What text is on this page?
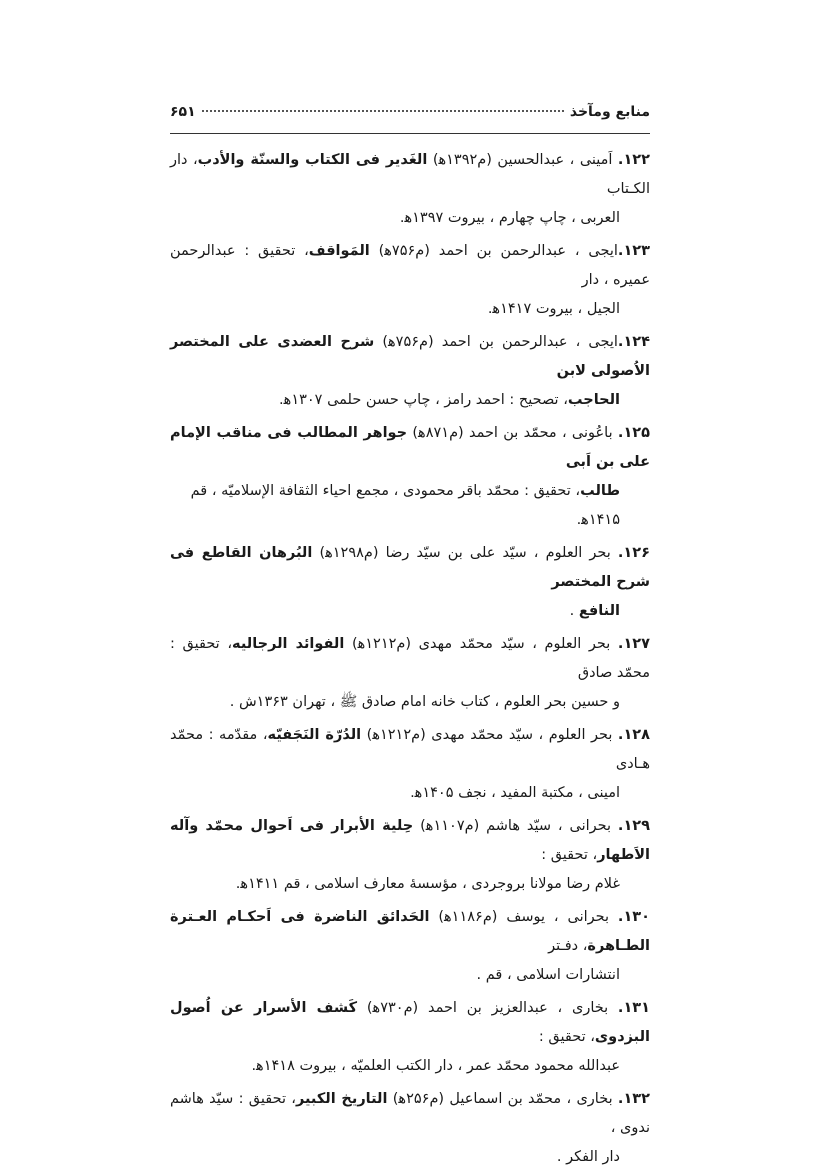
منابع ومآخذ
۶۵۱
۱۲۲. اَمینی ، عبدالحسین (م۱۳۹۲ﻫ) الغَدیر فی الکتاب والسنّة والأدب، دار الکـتاب
العربی ، چاپ چهارم ، بیروت ۱۳۹۷ﻫ.
۱۲۳.ایجی ، عبدالرحمن بن احمد (م۷۵۶ﻫ) المَواقف، تحقیق : عبدالرحمن عمیره ، دار
الجیل ، بیروت ۱۴۱۷ﻫ.
۱۲۴.ایجی ، عبدالرحمن بن احمد (م۷۵۶ﻫ) شرح العضدی علی المختصر الاُصولی لابن
الحاجب، تصحیح : احمد رامز ، چاپ حسن حلمی ۱۳۰۷ﻫ.
۱۲۵. باعُونی ، محمّد بن احمد (م۸۷۱ﻫ) جواهر المطالب فی مناقب الإمام علی بن اَبی
طالب، تحقیق : محمّد باقر محمودی ، مجمع احیاء الثقافة الإسلامیّه ، قم
۱۴۱۵ﻫ.
۱۲۶. بحر العلوم ، سیّد علی بن سیّد رضا (م۱۲۹۸ﻫ) البُرهان القاطع فی شرح المختصر
النافع .
۱۲۷. بحر العلوم ، سیّد محمّد مهدی (م۱۲۱۲ﻫ) الفوائد الرجالیه، تحقیق : محمّد صادق
و حسین بحر العلوم ، کتاب خانه امام صادق ﷺ ، تهران ۱۳۶۳ش .
۱۲۸. بحر العلوم ، سیّد محمّد مهدی (م۱۲۱۲ﻫ) الدُرّة النَجَفیّه، مقدّمه : محمّد هـادی
امینی ، مکتبة المفید ، نجف ۱۴۰۵ﻫ.
۱۲۹. بحرانی ، سیّد هاشم (م۱۱۰۷ﻫ) حِلیة الأبرار فی اَحوال محمّد وآله الاَطهار، تحقیق :
غلام رضا مولانا بروجردی ، مؤسسهٔ معارف اسلامی ، قم ۱۴۱۱ﻫ.
۱۳۰. بحرانی ، یوسف (م۱۱۸۶ﻫ) الحَدائق الناضرة فی اَحکـام العـترة الطـاهرة، دفـتر
انتشارات اسلامی ، قم .
۱۳۱. بخاری ، عبدالعزیز بن احمد (م۷۳۰ﻫ) کَشف الأسرار عن اُصول البزدوی، تحقیق :
عبدالله محمود محمّد عمر ، دار الکتب العلمیّه ، بیروت ۱۴۱۸ﻫ.
۱۳۲. بخاری ، محمّد بن اسماعیل (م۲۵۶ﻫ) التاریخ الکبیر، تحقیق : سیّد هاشم ندوی ،
دار الفکر .
